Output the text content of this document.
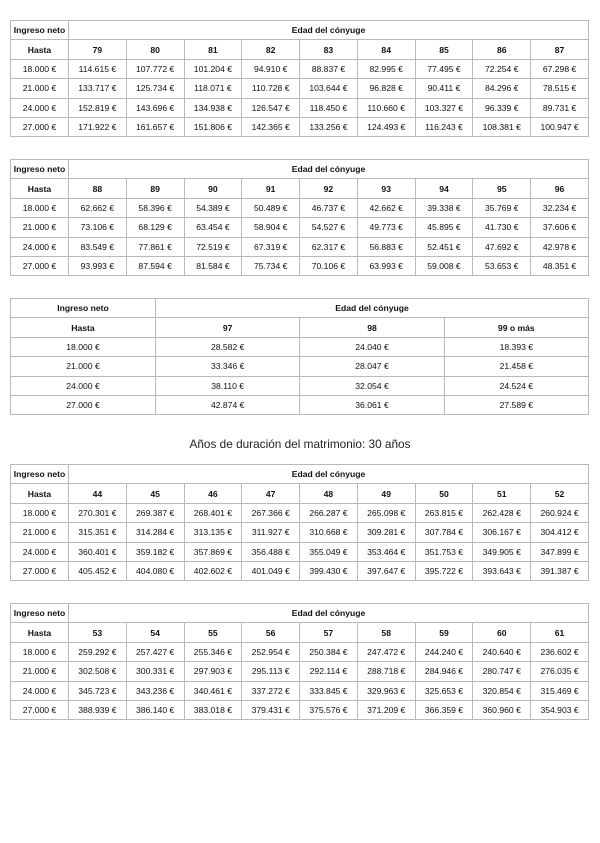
Ingreso neto	Edad del cónyuge								
Hasta	79	80	81	82	83	84	85	86	87
18.000 €	114.615 €	107.772 €	101.204 €	94.910 €	88.837 €	82.995 €	77.495 €	72.254 €	67.298 €
21.000 €	133.717 €	125.734 €	118.071 €	110.728 €	103.644 €	96.828 €	90.411 €	84.296 €	78.515 €
24.000 €	152.819 €	143.696 €	134.938 €	126.547 €	118.450 €	110.660 €	103.327 €	96.339 €	89.731 €
27.000 €	171.922 €	161.657 €	151.806 €	142.365 €	133.256 €	124.493 €	116.243 €	108.381 €	100.947 €
Ingreso neto	Edad del cónyuge								
Hasta	88	89	90	91	92	93	94	95	96
18.000 €	62.662 €	58.396 €	54.389 €	50.489 €	46.737 €	42.662 €	39.338 €	35.769 €	32.234 €
21.000 €	73.106 €	68.129 €	63.454 €	58.904 €	54.527 €	49.773 €	45.895 €	41.730 €	37.606 €
24.000 €	83.549 €	77.861 €	72.519 €	67.319 €	62.317 €	56.883 €	52.451 €	47.692 €	42.978 €
27.000 €	93.993 €	87.594 €	81.584 €	75.734 €	70.106 €	63.993 €	59.008 €	53.653 €	48.351 €
Ingreso neto	Edad del cónyuge		
Hasta	97	98	99 o más
18.000 €	28.582 €	24.040 €	18.393 €
21.000 €	33.346 €	28.047 €	21.458 €
24.000 €	38.110 €	32.054 €	24.524 €
27.000 €	42.874 €	36.061 €	27.589 €
Años de duración del matrimonio: 30 años
Ingreso neto	Edad del cónyuge								
Hasta	44	45	46	47	48	49	50	51	52
18.000 €	270.301 €	269.387 €	268.401 €	267.366 €	266.287 €	265.098 €	263.815 €	262.428 €	260.924 €
21.000 €	315.351 €	314.284 €	313.135 €	311.927 €	310.668 €	309.281 €	307.784 €	306.167 €	304.412 €
24.000 €	360.401 €	359.182 €	357.869 €	356.488 €	355.049 €	353.464 €	351.753 €	349.905 €	347.899 €
27.000 €	405.452 €	404.080 €	402.602 €	401.049 €	399.430 €	397.647 €	395.722 €	393.643 €	391.387 €
Ingreso neto	Edad del cónyuge								
Hasta	53	54	55	56	57	58	59	60	61
18.000 €	259.292 €	257.427 €	255.346 €	252.954 €	250.384 €	247.472 €	244.240 €	240.640 €	236.602 €
21.000 €	302.508 €	300.331 €	297.903 €	295.113 €	292.114 €	288.718 €	284.946 €	280.747 €	276.035 €
24.000 €	345.723 €	343.236 €	340.461 €	337.272 €	333.845 €	329.963 €	325.653 €	320.854 €	315.469 €
27.000 €	388.939 €	386.140 €	383.018 €	379.431 €	375.576 €	371.209 €	366.359 €	360.960 €	354.903 €
